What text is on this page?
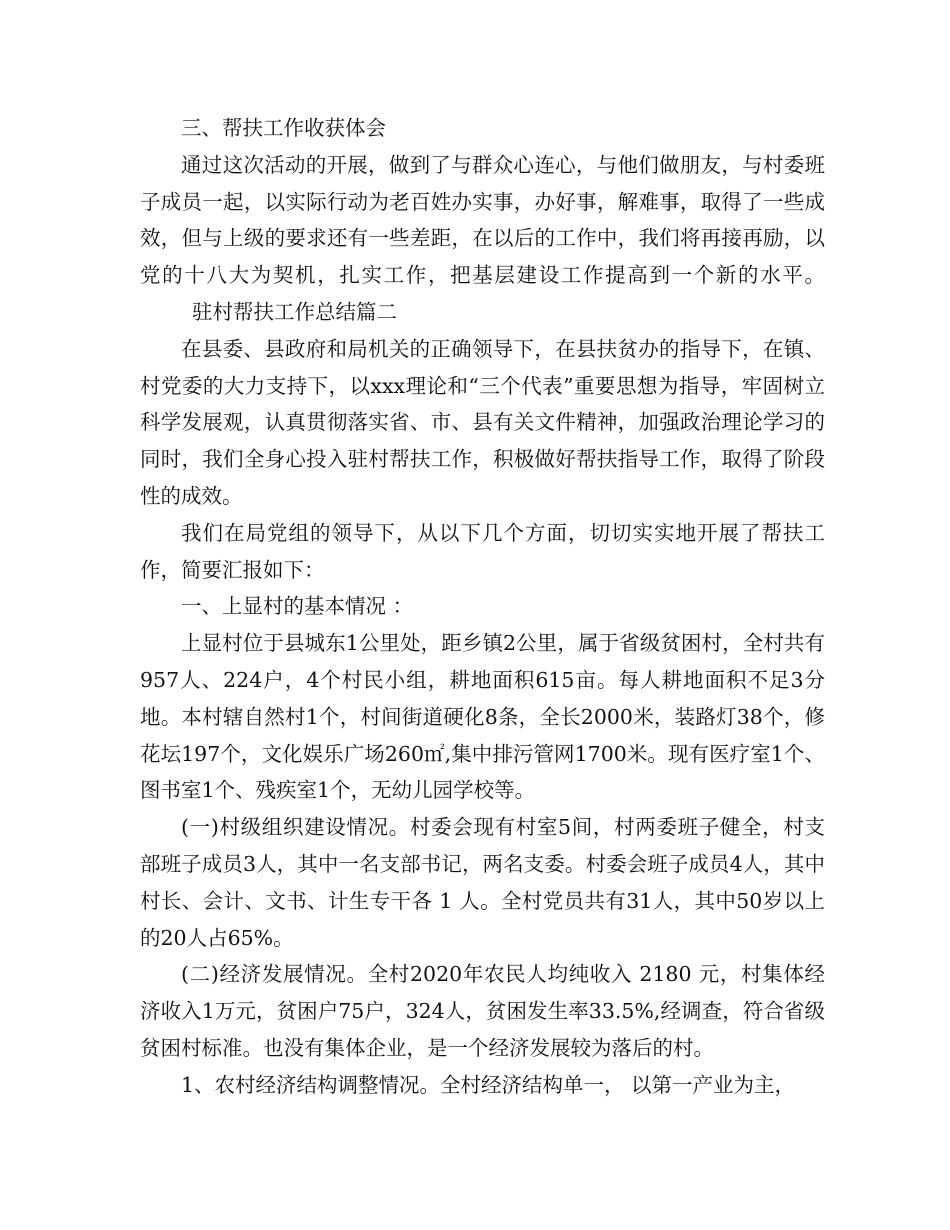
三、帮扶工作收获体会

通过这次活动的开展，做到了与群众心连心，与他们做朋友，与村委班子成员一起，以实际行动为老百姓办实事，办好事，解难事，取得了一些成效，但与上级的要求还有一些差距，在以后的工作中，我们将再接再励，以党的十八大为契机，扎实工作，把基层建设工作提高到一个新的水平。驻村帮扶工作总结篇二

在县委、县政府和局机关的正确领导下，在县扶贫办的指导下，在镇、村党委的大力支持下，以xxx理论和“三个代表”重要思想为指导，牢固树立科学发展观，认真贯彻落实省、市、县有关文件精神，加强政治理论学习的同时，我们全身心投入驻村帮扶工作，积极做好帮扶指导工作，取得了阶段性的成效。

我们在局党组的领导下，从以下几个方面，切切实实地开展了帮扶工作，简要汇报如下：

一、上显村的基本情况 ：

上显村位于县城东1公里处，距乡镇2公里，属于省级贫困村，全村共有957人、224户，4个村民小组，耕地面积615亩。每人耕地面积不足3分地。本村辖自然村1个，村间街道硬化8条，全长2000米，装路灯38个，修花坛197个，文化娱乐广场260㎡,集中排污管网1700米。现有医疗室1个、图书室1个、残疾室1个，无幼儿园学校等。

(一)村级组织建设情况。村委会现有村室5间，村两委班子健全，村支部班子成员3人，其中一名支部书记，两名支委。村委会班子成员4人，其中村长、会计、文书、计生专干各 1 人。全村党员共有31人，其中50岁以上的20人占65%。

(二)经济发展情况。全村2020年农民人均纯收入 2180 元，村集体经济收入1万元，贫困户75户，324人，贫困发生率33.5%,经调查，符合省级贫困村标准。也没有集体企业，是一个经济发展较为落后的村。

1、农村经济结构调整情况。全村经济结构单一， 以第一产业为主，
